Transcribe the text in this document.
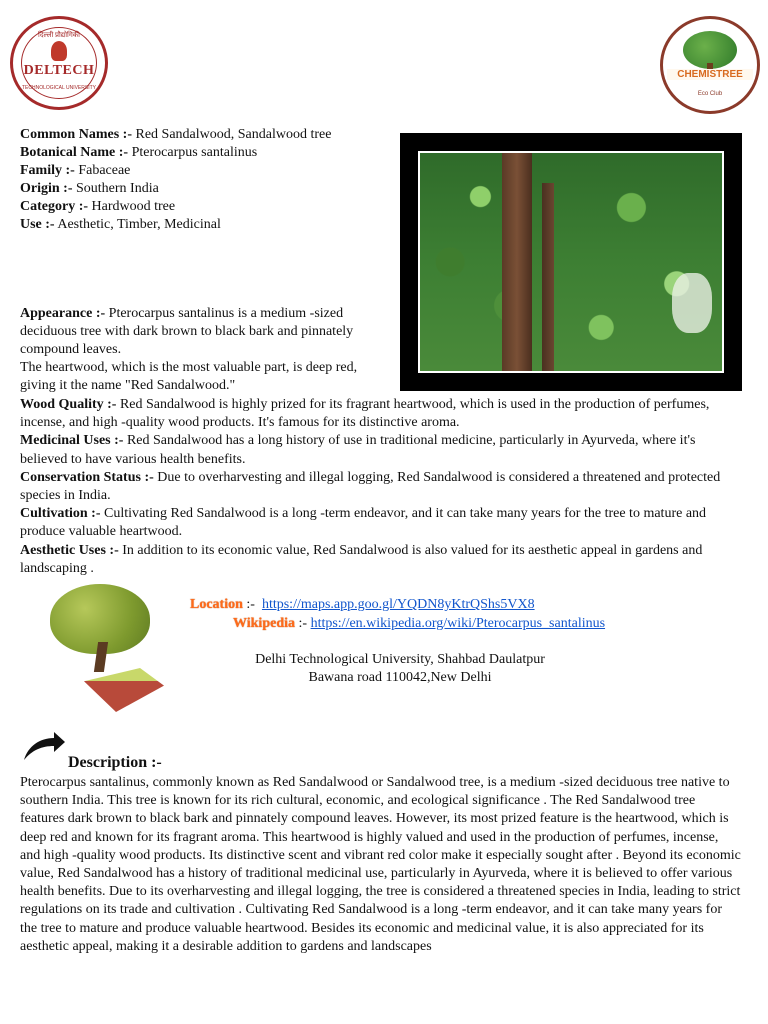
दिल्ली प्रौद्योगिकी
DELTECH
TECHNOLOGICAL UNIVERSITY
CHEMISTREE
Eco Club
Common Names :- Red Sandalwood, Sandalwood tree
Botanical Name :- Pterocarpus santalinus
Family :- Fabaceae
Origin :- Southern India
Category :- Hardwood tree
Use :- Aesthetic, Timber, Medicinal
Appearance :- Pterocarpus santalinus is a medium -sized
deciduous tree with dark brown to black bark and pinnately
compound leaves.
The heartwood, which is the most valuable part, is deep red,
giving it the name "Red Sandalwood."
Wood Quality :- Red Sandalwood is highly prized for its fragrant heartwood, which is used in the production of perfumes, incense, and high -quality wood products. It's famous for its distinctive aroma.
Medicinal Uses :- Red Sandalwood has a long history of use in traditional medicine, particularly in Ayurveda, where it's believed to have various health benefits.
Conservation Status :- Due to overharvesting and illegal logging, Red Sandalwood is considered a threatened and protected species in India.
Cultivation :- Cultivating Red Sandalwood is a long -term endeavor, and it can take many years for the tree to mature and produce valuable heartwood.
Aesthetic Uses :- In addition to its economic value, Red Sandalwood is also valued for its aesthetic appeal in gardens and landscaping .
Location :- https://maps.app.goo.gl/YQDN8yKtrQShs5VX8
Wikipedia :- https://en.wikipedia.org/wiki/Pterocarpus_santalinus
Delhi Technological University, Shahbad Daulatpur
Bawana road 110042,New Delhi
Description :-
Pterocarpus santalinus, commonly known as Red Sandalwood or Sandalwood tree, is a medium -sized deciduous tree native to southern India. This tree is known for its rich cultural, economic, and ecological significance . The Red Sandalwood tree features dark brown to black bark and pinnately compound leaves. However, its most prized feature is the heartwood, which is deep red and known for its fragrant aroma. This heartwood is highly valued and used in the production of perfumes, incense, and high -quality wood products. Its distinctive scent and vibrant red color make it especially sought after . Beyond its economic value, Red Sandalwood has a history of traditional medicinal use, particularly in Ayurveda, where it is believed to offer various health benefits. Due to its overharvesting and illegal logging, the tree is considered a threatened species in India, leading to strict regulations on its trade and cultivation . Cultivating Red Sandalwood is a long -term endeavor, and it can take many years for the tree to mature and produce valuable heartwood. Besides its economic and medicinal value, it is also appreciated for its aesthetic appeal, making it a desirable addition to gardens and landscapes
